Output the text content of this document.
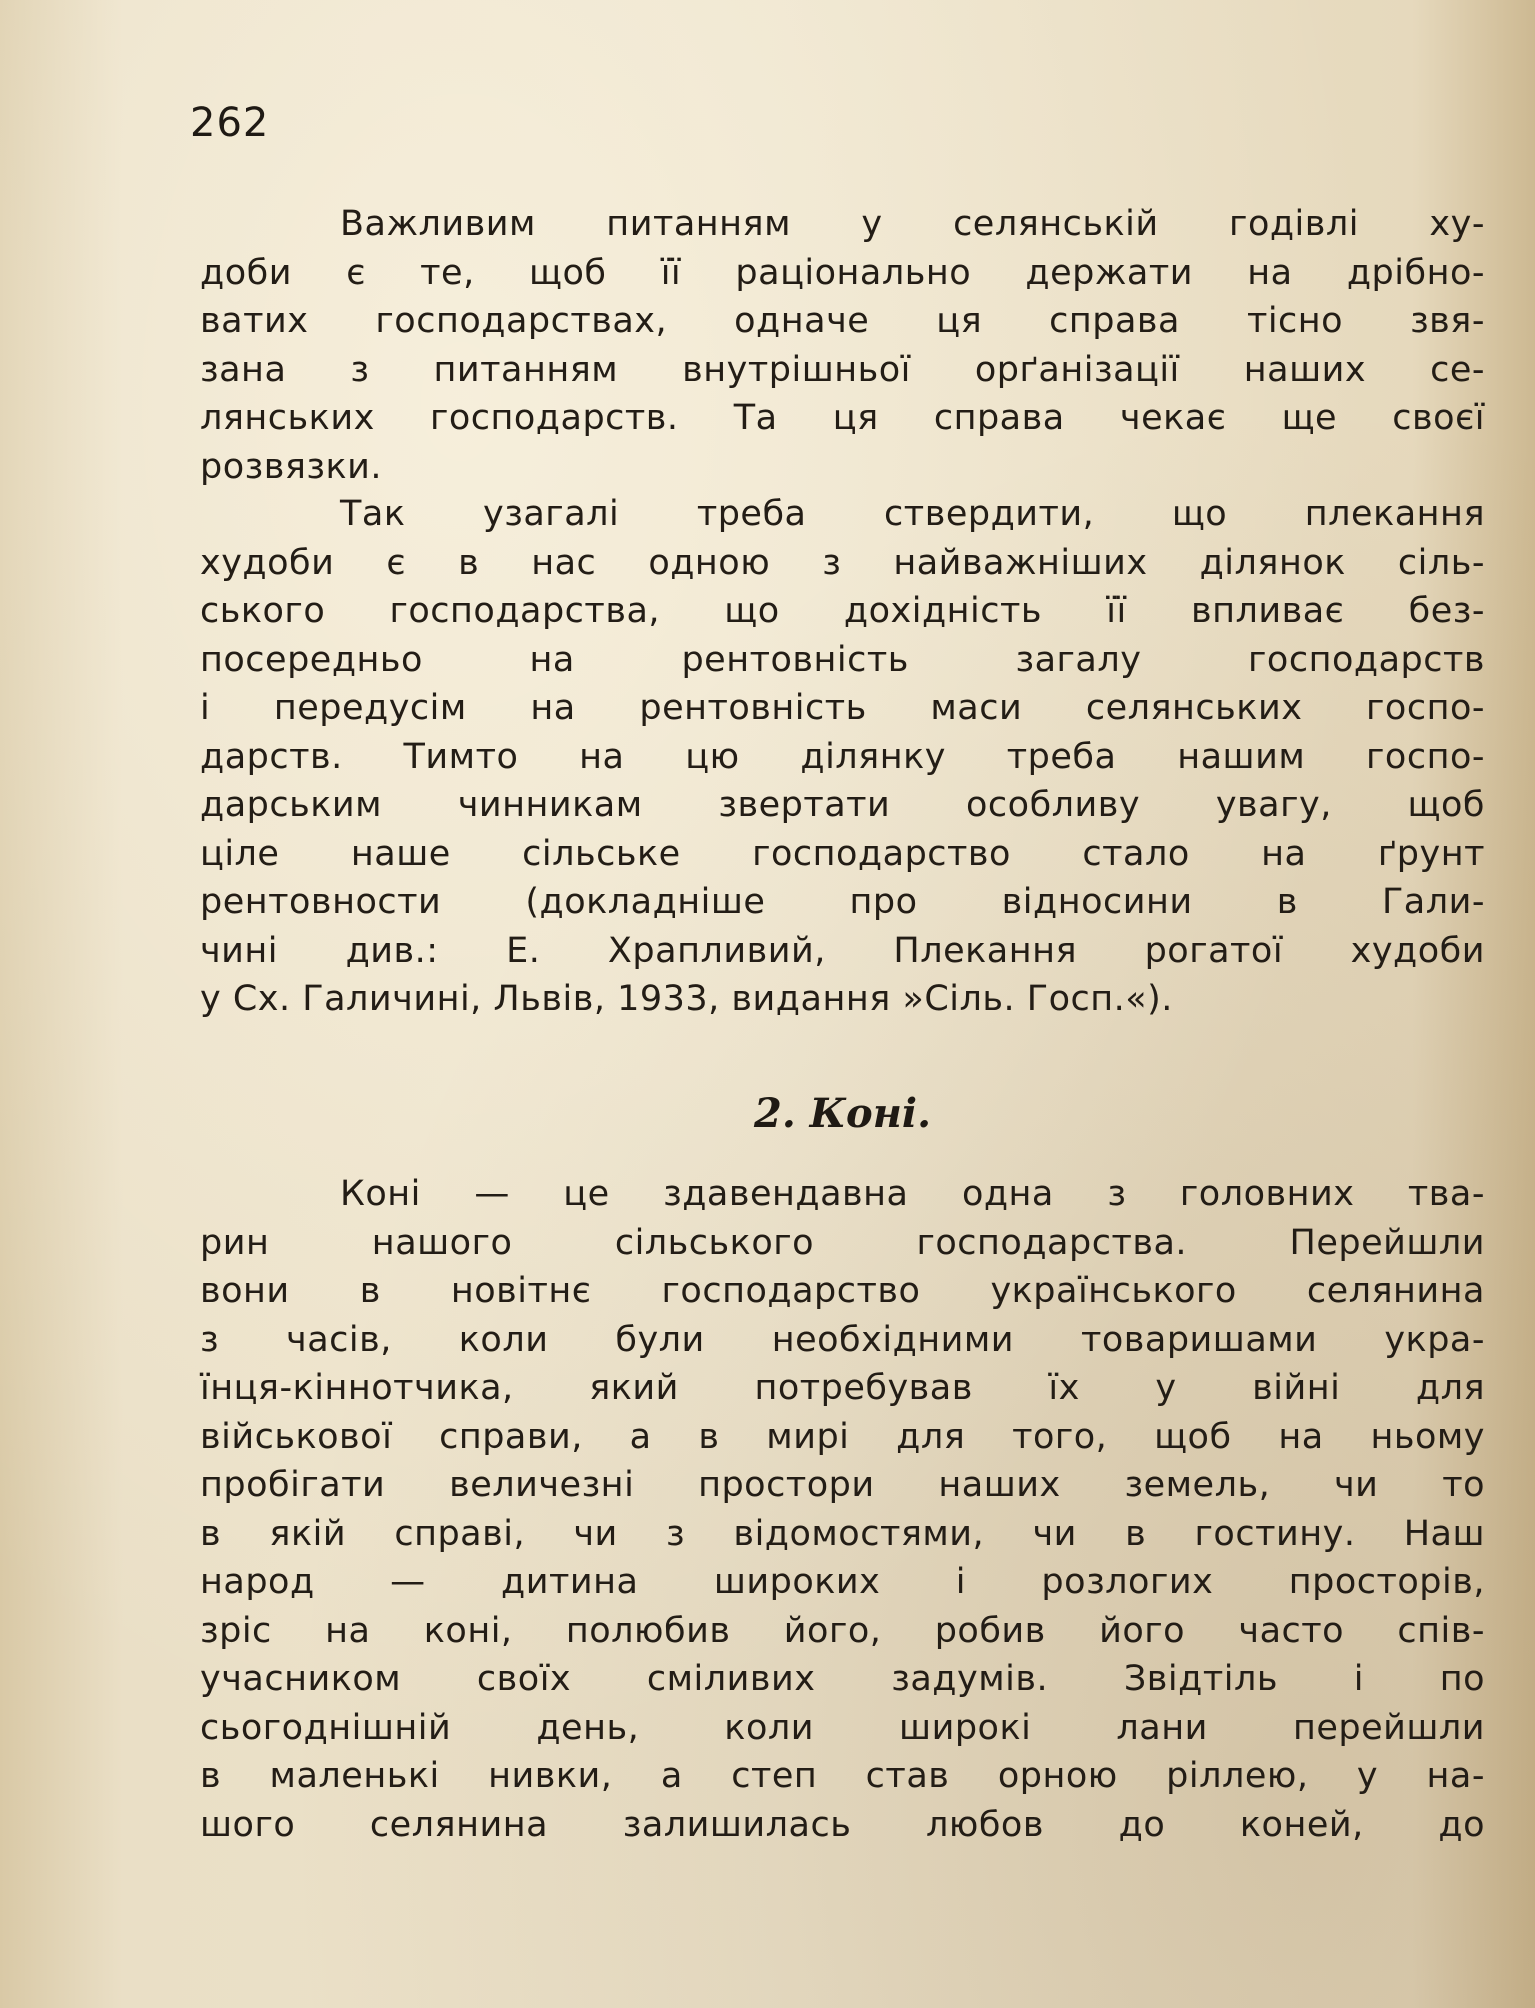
262
Важливим питанням у селянській годівлі ху-
доби є те, щоб її раціонально держати на дрібно-
ватих господарствах, одначе ця справа тісно звя-
зана з питанням внутрішньої орґанізації наших се-
лянських господарств. Та ця справа чекає ще своєї
розвязки.
Так узагалі треба ствердити, що плекання
худоби є в нас одною з найважніших ділянок сіль-
ського господарства, що дохідність її впливає без-
посередньо на рентовність загалу господарств
і передусім на рентовність маси селянських госпо-
дарств. Тимто на цю ділянку треба нашим госпо-
дарським чинникам звертати особливу увагу, щоб
ціле наше сільське господарство стало на ґрунт
рентовности (докладніше про відносини в Гали-
чині див.: Е. Храпливий, Плекання рогатої худоби
у Сх. Галичині, Львів, 1933, видання »Сіль. Госп.«).
2. Коні.
Коні — це здавендавна одна з головних тва-
рин нашого сільського господарства. Перейшли
вони в новітнє господарство українського селянина
з часів, коли були необхідними товаришами укра-
їнця-кіннотчика, який потребував їх у війні для
військової справи, а в мирі для того, щоб на ньому
пробігати величезні простори наших земель, чи то
в якій справі, чи з відомостями, чи в гостину. Наш
народ — дитина широких і розлогих просторів,
зріс на коні, полюбив його, робив його часто спів-
учасником своїх сміливих задумів. Звідтіль і по
сьогоднішній день, коли широкі лани перейшли
в маленькі нивки, а степ став орною ріллею, у на-
шого селянина залишилась любов до коней, до
